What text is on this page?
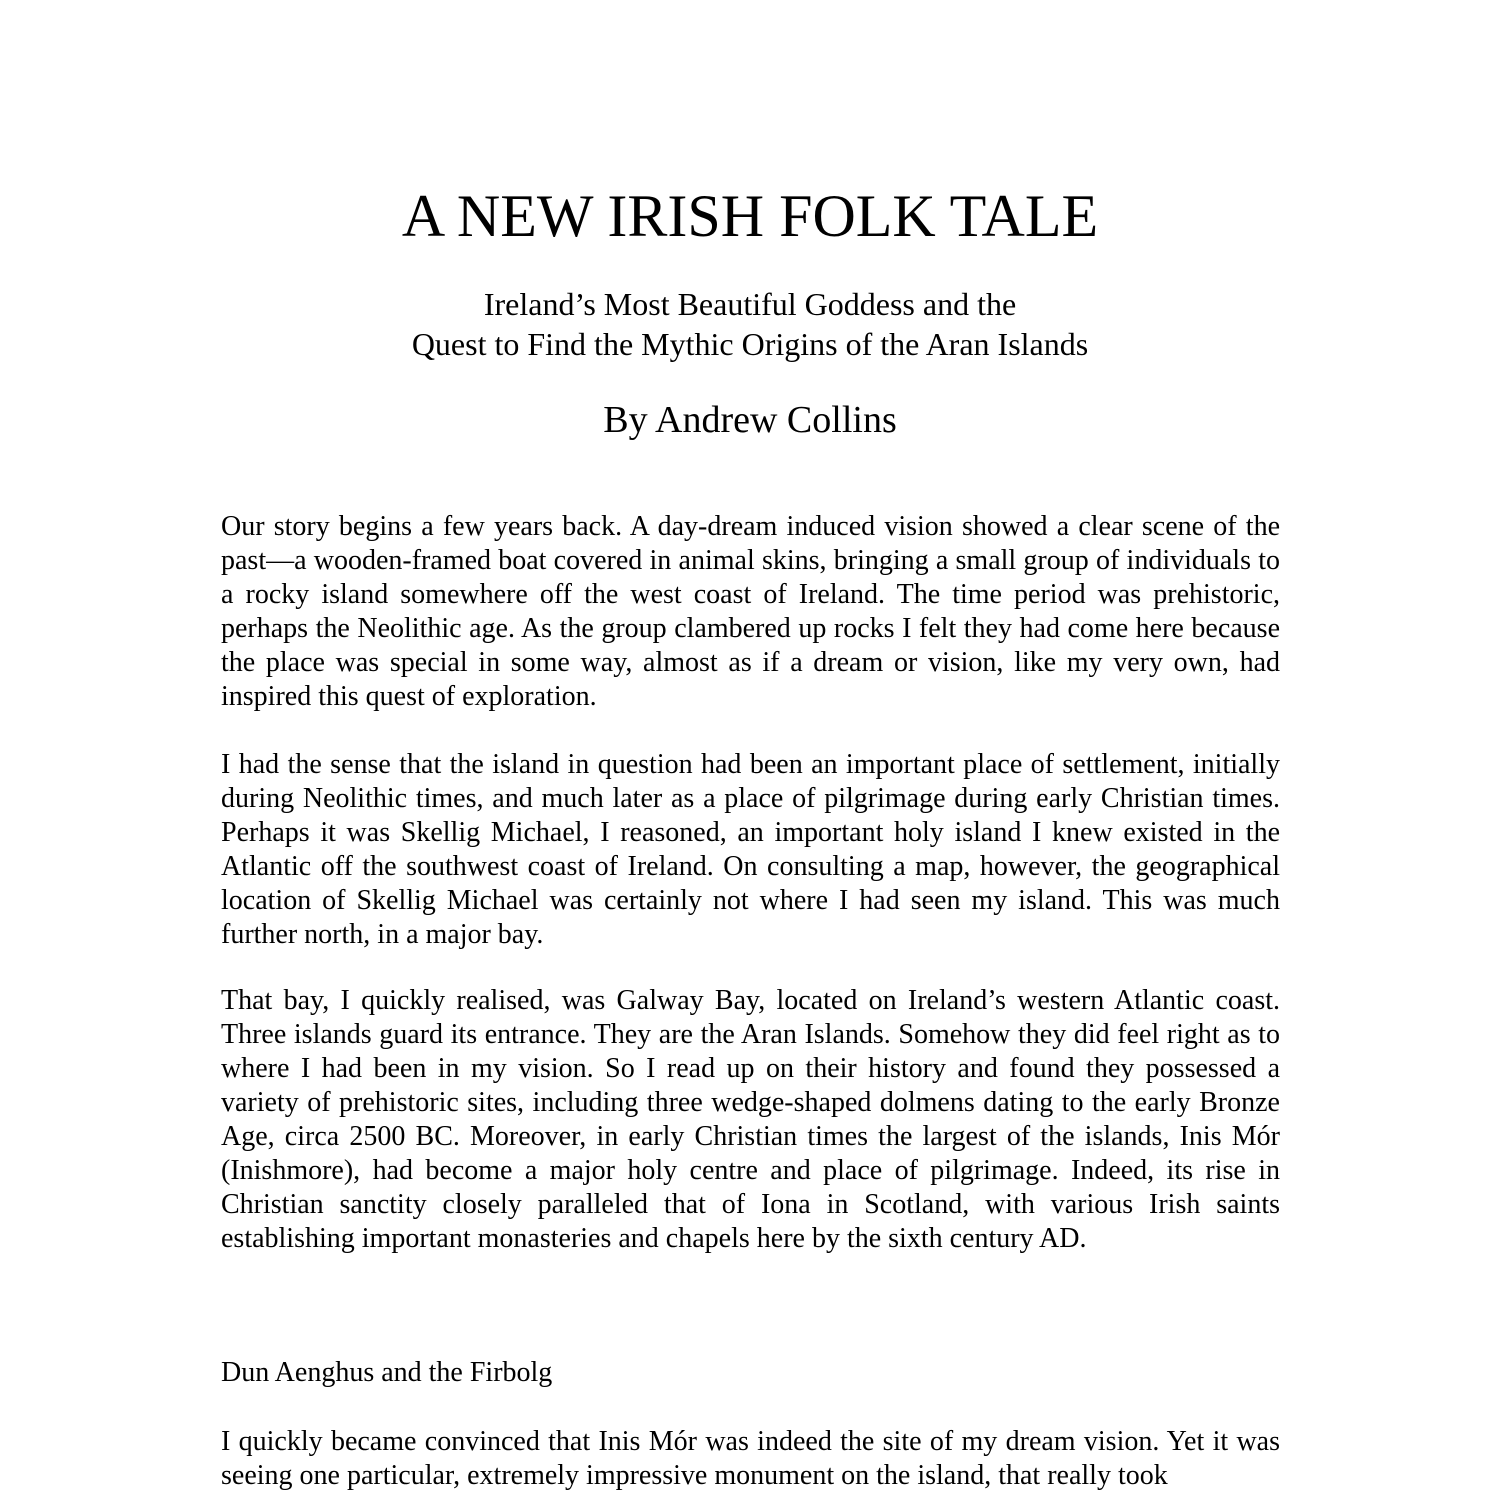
A NEW IRISH FOLK TALE
Ireland’s Most Beautiful Goddess and the
Quest to Find the Mythic Origins of the Aran Islands
By Andrew Collins

Our story begins a few years back. A day-dream induced vision showed a clear scene of the past—a wooden-framed boat covered in animal skins, bringing a small group of individuals to a rocky island somewhere off the west coast of Ireland. The time period was prehistoric, perhaps the Neolithic age. As the group clambered up rocks I felt they had come here because the place was special in some way, almost as if a dream or vision, like my very own, had inspired this quest of exploration.

I had the sense that the island in question had been an important place of settlement, initially during Neolithic times, and much later as a place of pilgrimage during early Christian times. Perhaps it was Skellig Michael, I reasoned, an important holy island I knew existed in the Atlantic off the southwest coast of Ireland. On consulting a map, however, the geographical location of Skellig Michael was certainly not where I had seen my island. This was much further north, in a major bay.

That bay, I quickly realised, was Galway Bay, located on Ireland’s western Atlantic coast. Three islands guard its entrance. They are the Aran Islands. Somehow they did feel right as to where I had been in my vision. So I read up on their history and found they possessed a variety of prehistoric sites, including three wedge-shaped dolmens dating to the early Bronze Age, circa 2500 BC. Moreover, in early Christian times the largest of the islands, Inis Mór (Inishmore), had become a major holy centre and place of pilgrimage. Indeed, its rise in Christian sanctity closely paralleled that of Iona in Scotland, with various Irish saints establishing important monasteries and chapels here by the sixth century AD.

Dun Aenghus and the Firbolg

I quickly became convinced that Inis Mór was indeed the site of my dream vision. Yet it was seeing one particular, extremely impressive monument on the island, that really took
